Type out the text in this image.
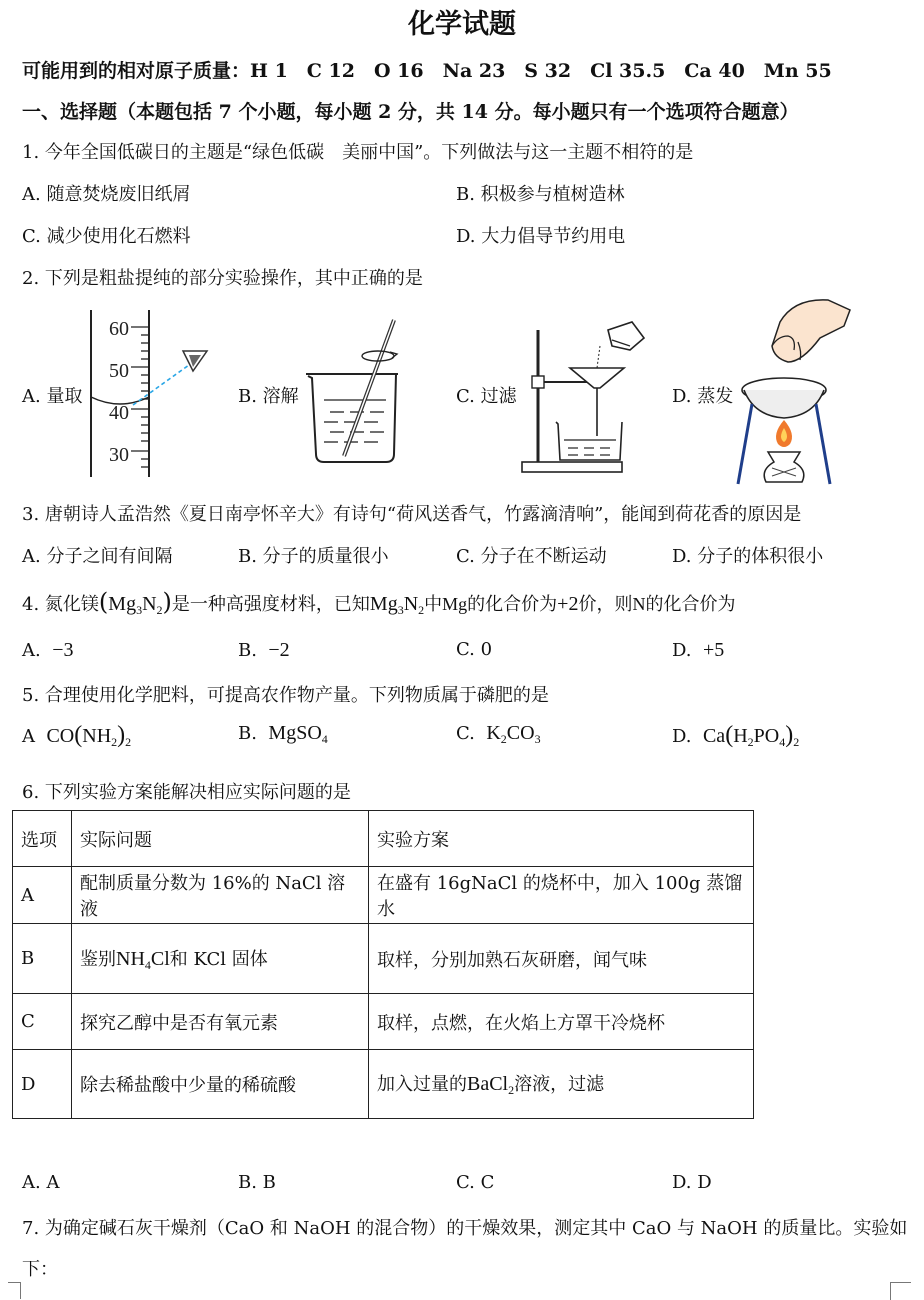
化学试题
可能用到的相对原子质量：H 1　C 12　O 16　Na 23　S 32　Cl 35.5　Ca 40　Mn 55
一、选择题（本题包括 7 个小题，每小题 2 分，共 14 分。每小题只有一个选项符合题意）
1. 今年全国低碳日的主题是“绿色低碳　美丽中国”。下列做法与这一主题不相符的是
A. 随意焚烧废旧纸屑	B. 积极参与植树造林
C. 减少使用化石燃料	D. 大力倡导节约用电
2. 下列是粗盐提纯的部分实验操作，其中正确的是
A. 量取	B. 溶解	C. 过滤	D. 蒸发
60
50
40
30
3. 唐朝诗人孟浩然《夏日南亭怀辛大》有诗句“荷风送香气，竹露滴清响”，能闻到荷花香的原因是
A. 分子之间有间隔	B. 分子的质量很小	C. 分子在不断运动	D. 分子的体积很小
4. 氮化镁$(Mg_3N_2)$是一种高强度材料，已知$Mg_3N_2$中Mg的化合价为+2价，则N的化合价为
A. −3	B. −2	C. 0	D. +5
5. 合理使用化学肥料，可提高农作物产量。下列物质属于磷肥的是
A $CO(NH_2)_2$	B. MgSO$_4$	C. $K_2CO_3$	D. $Ca(H_2PO_4)_2$
6. 下列实验方案能解决相应实际问题的是
选项	实际问题	实验方案
A	配制质量分数为 16%的 NaCl 溶液	在盛有 16gNaCl 的烧杯中，加入 100g 蒸馏水
B	鉴别$NH_4Cl$和 KCl 固体	取样，分别加熟石灰研磨，闻气味
C	探究乙醇中是否有氧元素	取样，点燃，在火焰上方罩干冷烧杯
D	除去稀盐酸中少量的稀硫酸	加入过量的BaCl$_2$溶液，过滤
A. A	B. B	C. C	D. D
7. 为确定碱石灰干燥剂（CaO 和 NaOH 的混合物）的干燥效果，测定其中 CaO 与 NaOH 的质量比。实验如
下：
